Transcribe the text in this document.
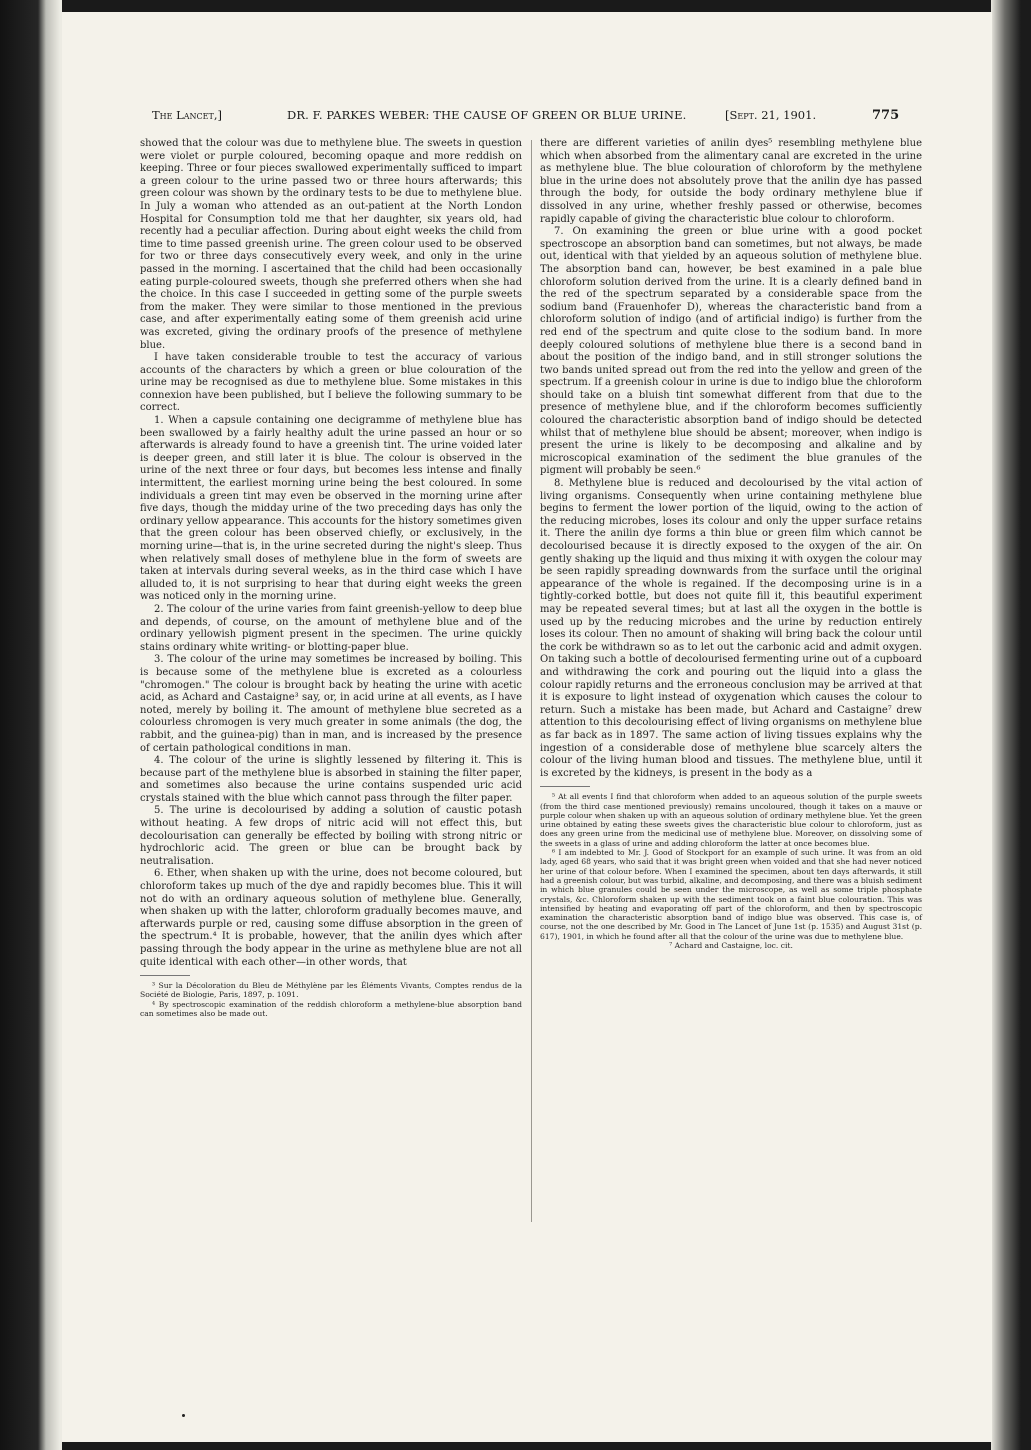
The Lancet,]	DR. F. PARKES WEBER: THE CAUSE OF GREEN OR BLUE URINE.	[Sept. 21, 1901.	775

showed that the colour was due to methylene blue. The sweets in question were violet or purple coloured, becoming opaque and more reddish on keeping. Three or four pieces swallowed experimentally sufficed to impart a green colour to the urine passed two or three hours afterwards; this green colour was shown by the ordinary tests to be due to methylene blue. In July a woman who attended as an out-patient at the North London Hospital for Consumption told me that her daughter, six years old, had recently had a peculiar affection. During about eight weeks the child from time to time passed greenish urine. The green colour used to be observed for two or three days consecutively every week, and only in the urine passed in the morning. I ascertained that the child had been occasionally eating purple-coloured sweets, though she preferred others when she had the choice. In this case I succeeded in getting some of the purple sweets from the maker. They were similar to those mentioned in the previous case, and after experimentally eating some of them greenish acid urine was excreted, giving the ordinary proofs of the presence of methylene blue.

I have taken considerable trouble to test the accuracy of various accounts of the characters by which a green or blue colouration of the urine may be recognised as due to methylene blue. Some mistakes in this connexion have been published, but I believe the following summary to be correct.

1. When a capsule containing one decigramme of methylene blue has been swallowed by a fairly healthy adult the urine passed an hour or so afterwards is already found to have a greenish tint. The urine voided later is deeper green, and still later it is blue. The colour is observed in the urine of the next three or four days, but becomes less intense and finally intermittent, the earliest morning urine being the best coloured. In some individuals a green tint may even be observed in the morning urine after five days, though the midday urine of the two preceding days has only the ordinary yellow appearance. This accounts for the history sometimes given that the green colour has been observed chiefly, or exclusively, in the morning urine—that is, in the urine secreted during the night's sleep. Thus when relatively small doses of methylene blue in the form of sweets are taken at intervals during several weeks, as in the third case which I have alluded to, it is not surprising to hear that during eight weeks the green was noticed only in the morning urine.

2. The colour of the urine varies from faint greenish-yellow to deep blue and depends, of course, on the amount of methylene blue and of the ordinary yellowish pigment present in the specimen. The urine quickly stains ordinary white writing- or blotting-paper blue.

3. The colour of the urine may sometimes be increased by boiling. This is because some of the methylene blue is excreted as a colourless "chromogen." The colour is brought back by heating the urine with acetic acid, as Achard and Castaigne³ say, or, in acid urine at all events, as I have noted, merely by boiling it. The amount of methylene blue secreted as a colourless chromogen is very much greater in some animals (the dog, the rabbit, and the guinea-pig) than in man, and is increased by the presence of certain pathological conditions in man.

4. The colour of the urine is slightly lessened by filtering it. This is because part of the methylene blue is absorbed in staining the filter paper, and sometimes also because the urine contains suspended uric acid crystals stained with the blue which cannot pass through the filter paper.

5. The urine is decolourised by adding a solution of caustic potash without heating. A few drops of nitric acid will not effect this, but decolourisation can generally be effected by boiling with strong nitric or hydrochloric acid. The green or blue can be brought back by neutralisation.

6. Ether, when shaken up with the urine, does not become coloured, but chloroform takes up much of the dye and rapidly becomes blue. This it will not do with an ordinary aqueous solution of methylene blue. Generally, when shaken up with the latter, chloroform gradually becomes mauve, and afterwards purple or red, causing some diffuse absorption in the green of the spectrum.⁴ It is probable, however, that the anilin dyes which after passing through the body appear in the urine as methylene blue are not all quite identical with each other—in other words, that

³ Sur la Décoloration du Bleu de Méthylène par les Éléments Vivants, Comptes rendus de la Société de Biologie, Paris, 1897, p. 1091.

⁴ By spectroscopic examination of the reddish chloroform a methylene-blue absorption band can sometimes also be made out.

there are different varieties of anilin dyes⁵ resembling methylene blue which when absorbed from the alimentary canal are excreted in the urine as methylene blue. The blue colouration of chloroform by the methylene blue in the urine does not absolutely prove that the anilin dye has passed through the body, for outside the body ordinary methylene blue if dissolved in any urine, whether freshly passed or otherwise, becomes rapidly capable of giving the characteristic blue colour to chloroform.

7. On examining the green or blue urine with a good pocket spectroscope an absorption band can sometimes, but not always, be made out, identical with that yielded by an aqueous solution of methylene blue. The absorption band can, however, be best examined in a pale blue chloroform solution derived from the urine. It is a clearly defined band in the red of the spectrum separated by a considerable space from the sodium band (Frauenhofer D), whereas the characteristic band from a chloroform solution of indigo (and of artificial indigo) is further from the red end of the spectrum and quite close to the sodium band. In more deeply coloured solutions of methylene blue there is a second band in about the position of the indigo band, and in still stronger solutions the two bands united spread out from the red into the yellow and green of the spectrum. If a greenish colour in urine is due to indigo blue the chloroform should take on a bluish tint somewhat different from that due to the presence of methylene blue, and if the chloroform becomes sufficiently coloured the characteristic absorption band of indigo should be detected whilst that of methylene blue should be absent; moreover, when indigo is present the urine is likely to be decomposing and alkaline and by microscopical examination of the sediment the blue granules of the pigment will probably be seen.⁶

8. Methylene blue is reduced and decolourised by the vital action of living organisms. Consequently when urine containing methylene blue begins to ferment the lower portion of the liquid, owing to the action of the reducing microbes, loses its colour and only the upper surface retains it. There the anilin dye forms a thin blue or green film which cannot be decolourised because it is directly exposed to the oxygen of the air. On gently shaking up the liquid and thus mixing it with oxygen the colour may be seen rapidly spreading downwards from the surface until the original appearance of the whole is regained. If the decomposing urine is in a tightly-corked bottle, but does not quite fill it, this beautiful experiment may be repeated several times; but at last all the oxygen in the bottle is used up by the reducing microbes and the urine by reduction entirely loses its colour. Then no amount of shaking will bring back the colour until the cork be withdrawn so as to let out the carbonic acid and admit oxygen. On taking such a bottle of decolourised fermenting urine out of a cupboard and withdrawing the cork and pouring out the liquid into a glass the colour rapidly returns and the erroneous conclusion may be arrived at that it is exposure to light instead of oxygenation which causes the colour to return. Such a mistake has been made, but Achard and Castaigne⁷ drew attention to this decolourising effect of living organisms on methylene blue as far back as in 1897. The same action of living tissues explains why the ingestion of a considerable dose of methylene blue scarcely alters the colour of the living human blood and tissues. The methylene blue, until it is excreted by the kidneys, is present in the body as a

⁵ At all events I find that chloroform when added to an aqueous solution of the purple sweets (from the third case mentioned previously) remains uncoloured, though it takes on a mauve or purple colour when shaken up with an aqueous solution of ordinary methylene blue. Yet the green urine obtained by eating these sweets gives the characteristic blue colour to chloroform, just as does any green urine from the medicinal use of methylene blue. Moreover, on dissolving some of the sweets in a glass of urine and adding chloroform the latter at once becomes blue.

⁶ I am indebted to Mr. J. Good of Stockport for an example of such urine. It was from an old lady, aged 68 years, who said that it was bright green when voided and that she had never noticed her urine of that colour before. When I examined the specimen, about ten days afterwards, it still had a greenish colour, but was turbid, alkaline, and decomposing, and there was a bluish sediment in which blue granules could be seen under the microscope, as well as some triple phosphate crystals, &c. Chloroform shaken up with the sediment took on a faint blue colouration. This was intensified by heating and evaporating off part of the chloroform, and then by spectroscopic examination the characteristic absorption band of indigo blue was observed. This case is, of course, not the one described by Mr. Good in The Lancet of June 1st (p. 1535) and August 31st (p. 617), 1901, in which he found after all that the colour of the urine was due to methylene blue.

⁷ Achard and Castaigne, loc. cit.
